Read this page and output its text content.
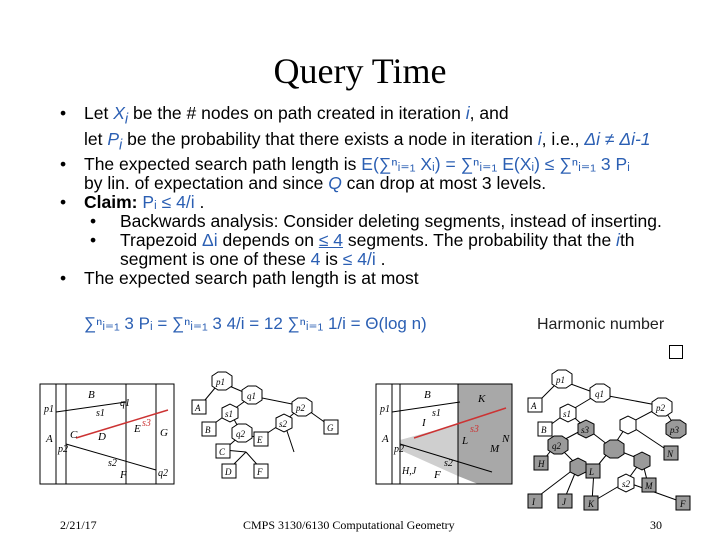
Query Time
• Let $X_i$ be the # nodes on path created in iteration i, and
let $P_i$ be the probability that there exists a node in iteration i, i.e., Δi ≠ Δi-1
• The expected search path length is E(∑ⁿᵢ₌₁ Xᵢ) = ∑ⁿᵢ₌₁ E(Xᵢ) ≤ ∑ⁿᵢ₌₁ 3 Pᵢ
by lin. of expectation and since Q can drop at most 3 levels.
• Claim: Pᵢ ≤ 4/i .
• Backwards analysis: Consider deleting segments, instead of inserting.
• Trapezoid Δi depends on ≤ 4 segments. The probability that the ith
segment is one of these 4 is ≤ 4/i .
• The expected search path length is at most
∑ⁿᵢ₌₁ 3 Pᵢ = ∑ⁿᵢ₌₁ 3 4/i = 12 ∑ⁿᵢ₌₁ 1/i = Θ(log n)	Harmonic number
B
s1
q1
p1
A C D
E G
s3
p2
s2
F	q2
p1
q1
A
s1
p2
B
s2	G
C
q2
D
E
F
B
p1	s1
K
I
A
s3
L	N
p2	M
H,J
s2
F
p1
q1
A
s1
p2
B	s3	p3
q2
H
N
L
M
s2
I	J K	F
2/21/17	CMPS 3130/6130 Computational Geometry	30
